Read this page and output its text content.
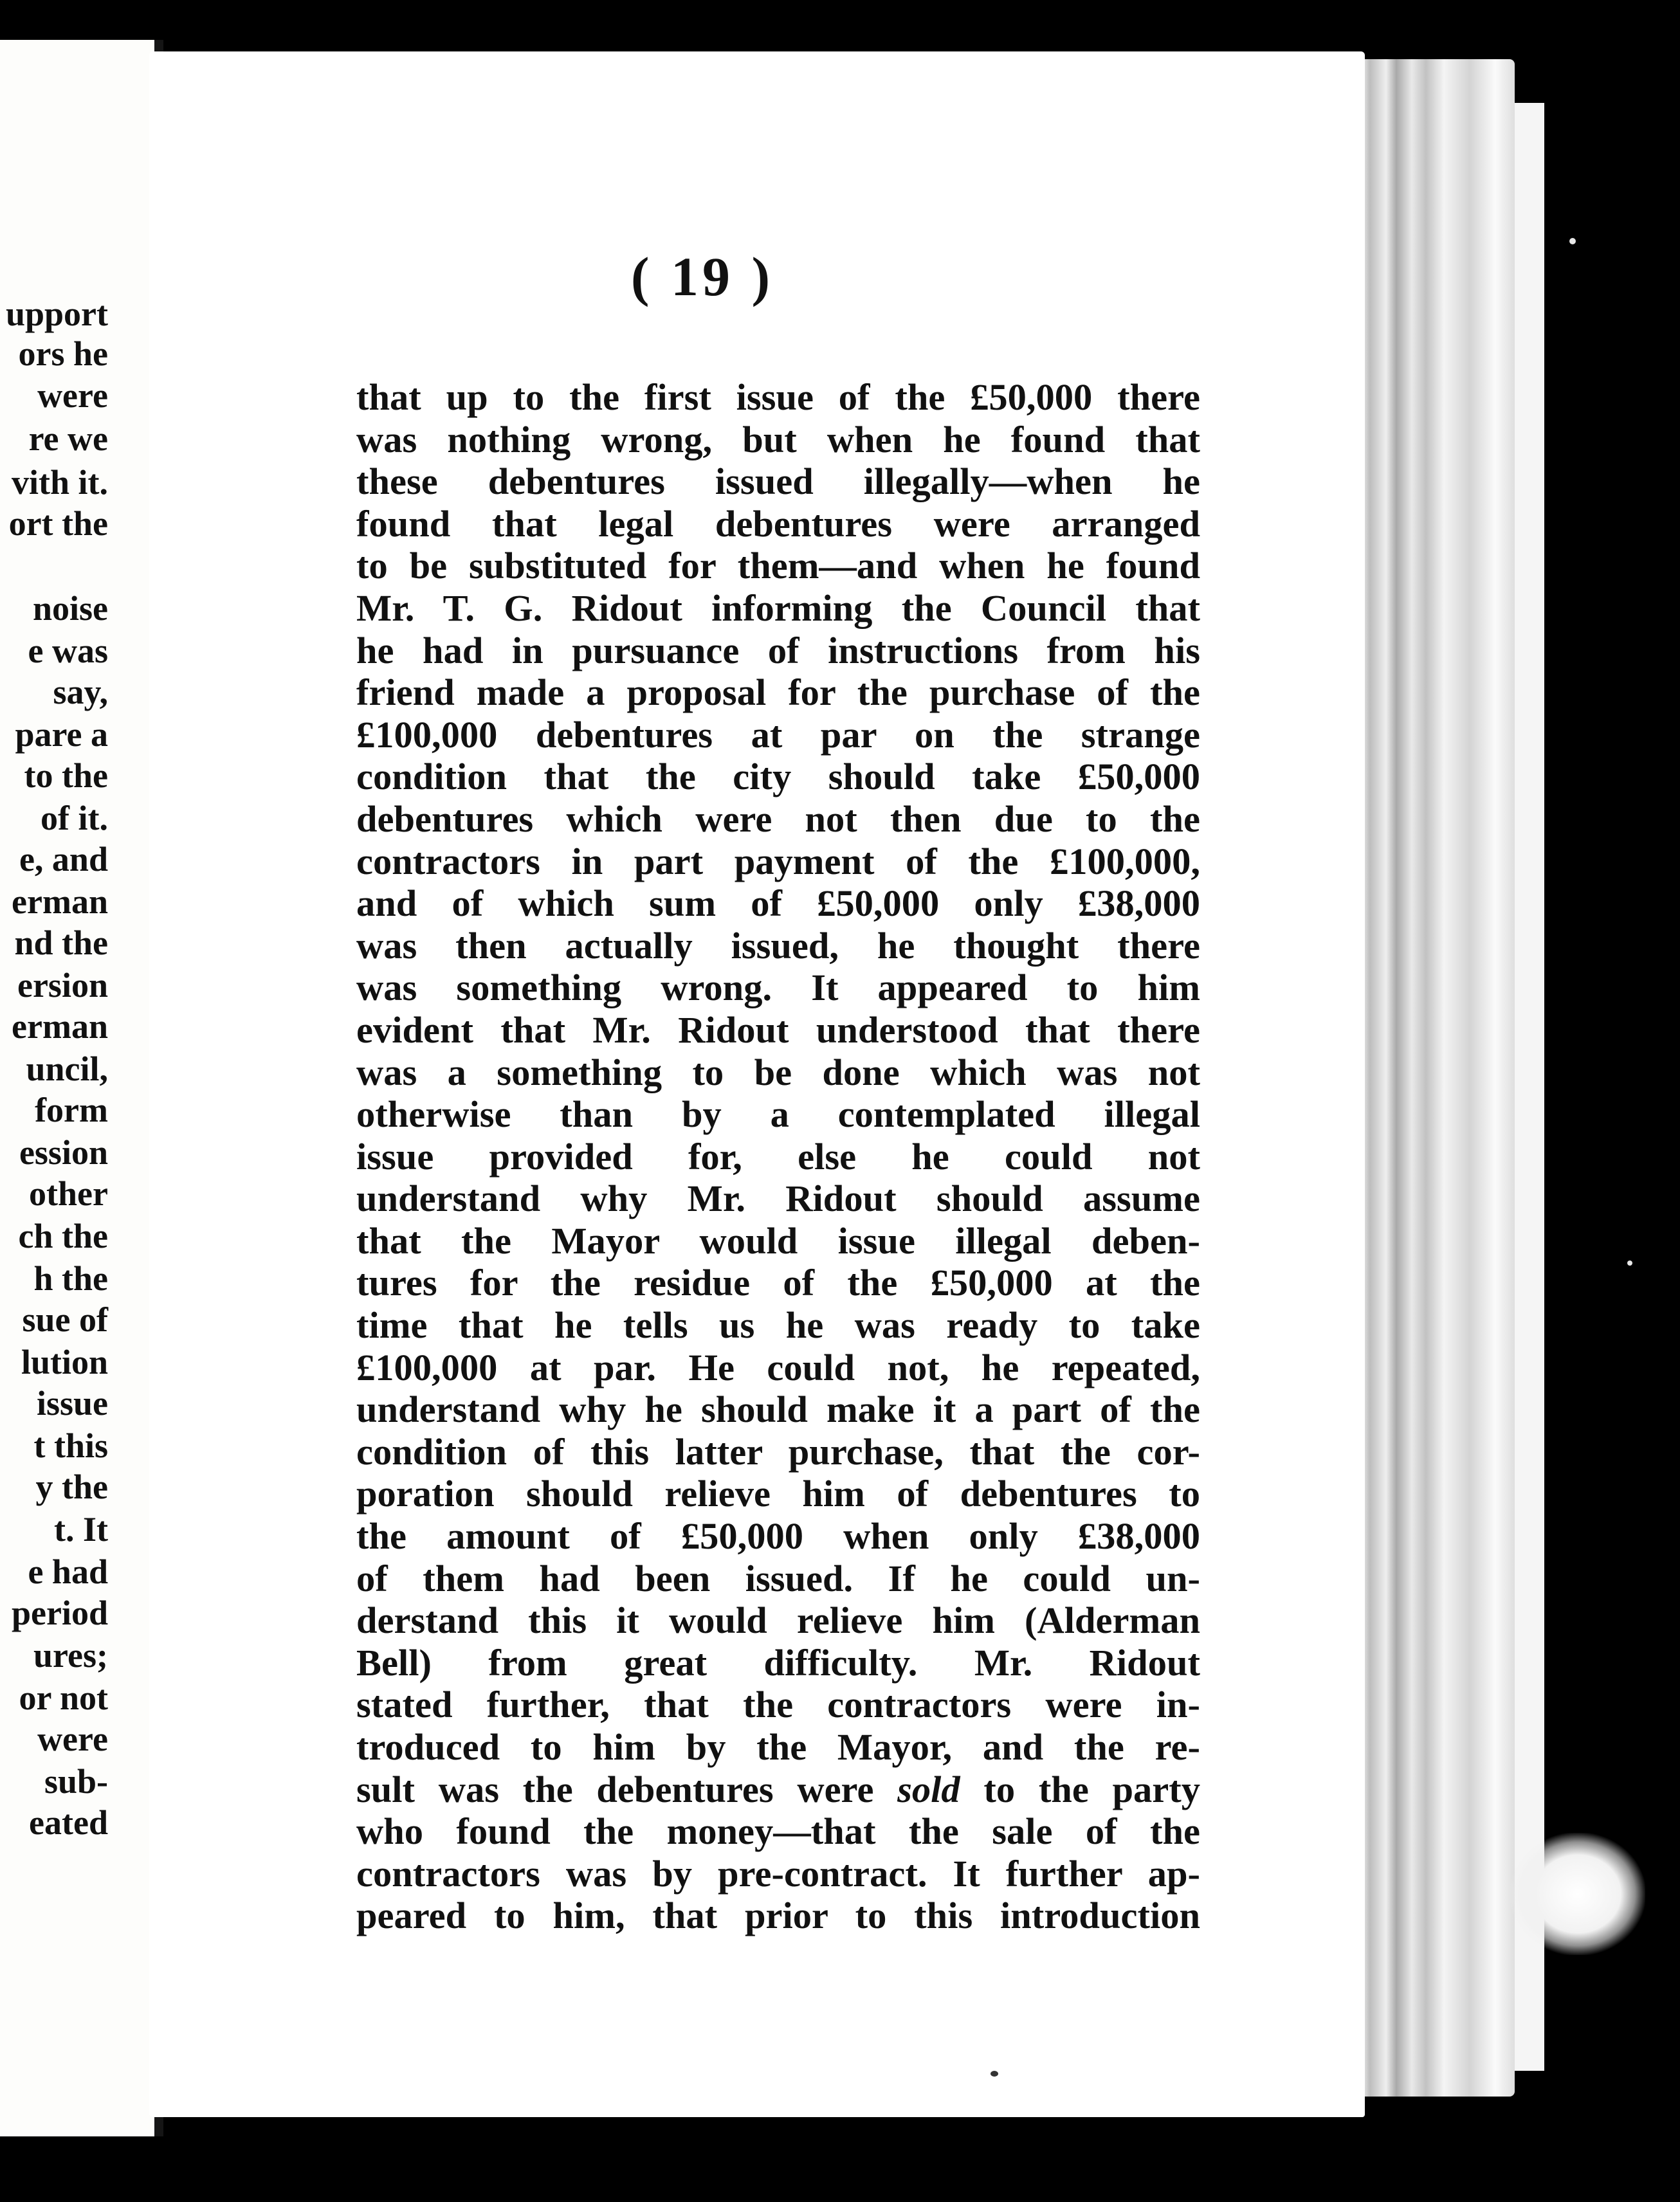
upport
ors he
were
re we
vith it.
ort the
noise
e was
say,
pare a
to the
of it.
e, and
erman
nd the
ersion
erman
uncil,
form
ession
other
ch the
h the
sue of
lution
issue
t this
y the
t. It
e had
period
ures;
or not
were
sub-
eated
( 19 )
that up to the first issue of the £50,000 there
was nothing wrong, but when he found that
these debentures issued illegally—when he
found that legal debentures were arranged
to be substituted for them—and when he found
Mr. T. G. Ridout informing the Council that
he had in pursuance of instructions from his
friend made a proposal for the purchase of the
£100,000 debentures at par on the strange
condition that the city should take £50,000
debentures which were not then due to the
contractors in part payment of the £100,000,
and of which sum of £50,000 only £38,000
was then actually issued, he thought there
was something wrong. It appeared to him
evident that Mr. Ridout understood that there
was a something to be done which was not
otherwise than by a contemplated illegal
issue provided for, else he could not
understand why Mr. Ridout should assume
that the Mayor would issue illegal deben-
tures for the residue of the £50,000 at the
time that he tells us he was ready to take
£100,000 at par. He could not, he repeated,
understand why he should make it a part of the
condition of this latter purchase, that the cor-
poration should relieve him of debentures to
the amount of £50,000 when only £38,000
of them had been issued. If he could un-
derstand this it would relieve him (Alderman
Bell) from great difficulty. Mr. Ridout
stated further, that the contractors were in-
troduced to him by the Mayor, and the re-
sult was the debentures were sold to the party
who found the money—that the sale of the
contractors was by pre-contract. It further ap-
peared to him, that prior to this introduction
